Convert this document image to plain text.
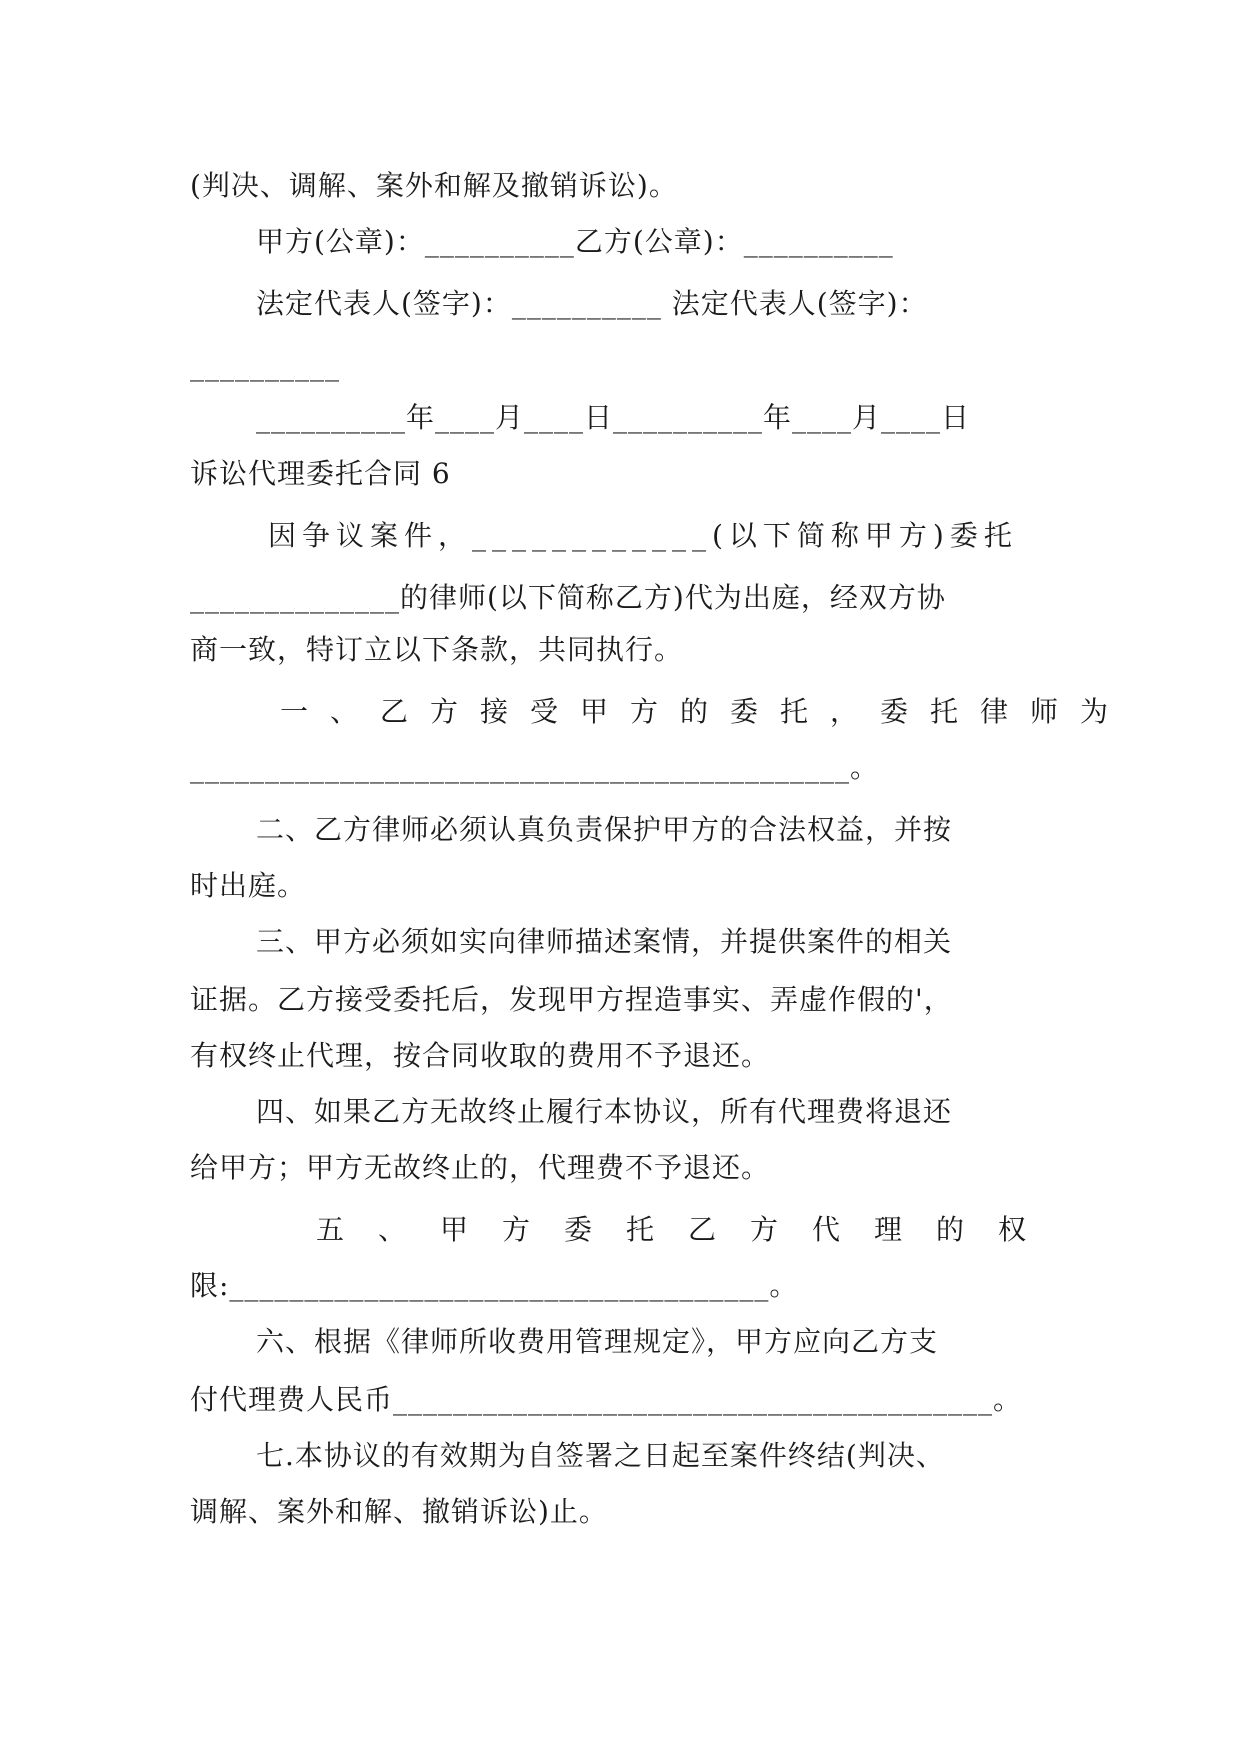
(判决、调解、案外和解及撤销诉讼)。
甲方(公章)：__________乙方(公章)：__________
法定代表人(签字)：__________ 法定代表人(签字)：
__________
__________年____月____日__________年____月____日
诉讼代理委托合同 6
因争议案件，____________(以下简称甲方)委托
______________的律师(以下简称乙方)代为出庭，经双方协
商一致，特订立以下条款，共同执行。
一、乙方接受甲方的委托，委托律师为
____________________________________________。
二、乙方律师必须认真负责保护甲方的合法权益，并按
时出庭。
三、甲方必须如实向律师描述案情，并提供案件的相关
证据。乙方接受委托后，发现甲方捏造事实、弄虚作假的'，
有权终止代理，按合同收取的费用不予退还。
四、如果乙方无故终止履行本协议，所有代理费将退还
给甲方；甲方无故终止的，代理费不予退还。
五、甲方委托乙方代理的权
限:____________________________________。
六、根据《律师所收费用管理规定》，甲方应向乙方支
付代理费人民币________________________________________。
七.本协议的有效期为自签署之日起至案件终结(判决、
调解、案外和解、撤销诉讼)止。
